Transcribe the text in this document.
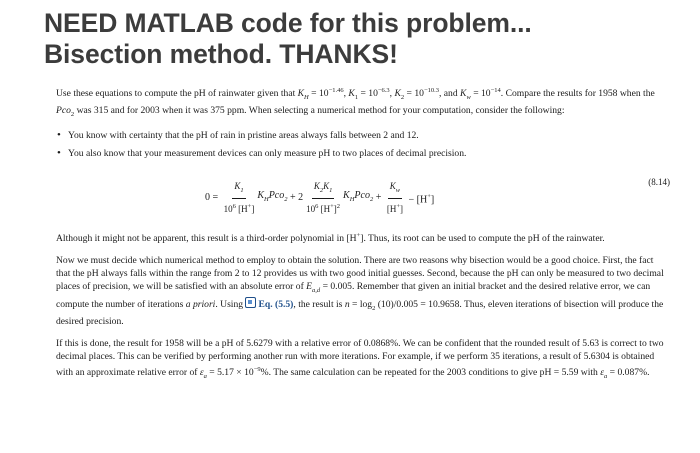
NEED MATLAB code for this problem...
Bisection method. THANKS!

Use these equations to compute the pH of rainwater given that $K_H = 10^{-1.46}$, $K_1 = 10^{-6.3}$, $K_2 = 10^{-10.3}$, and $K_w = 10^{-14}$. Compare the results for 1958 when the Pco$_2$ was 315 and for 2003 when it was 375 ppm. When selecting a numerical method for your computation, consider the following:

• You know with certainty that the pH of rain in pristine areas always falls between 2 and 12.
• You also know that your measurement devices can only measure pH to two places of decimal precision.
(8.14)
$0 = \frac{K_1}{10^6 [H^+]} K_HPco_2 + 2 \frac{K_2K_1}{10^6 [H^+]^2} K_HPco_2 + \frac{K_w}{[H^+]} - [H^+]$

Although it might not be apparent, this result is a third-order polynomial in [H+]. Thus, its root can be used to compute the pH of the rainwater.

Now we must decide which numerical method to employ to obtain the solution. There are two reasons why bisection would be a good choice. First, the fact that the pH always falls within the range from 2 to 12 provides us with two good initial guesses. Second, because the pH can only be measured to two decimal places of precision, we will be satisfied with an absolute error of $E_{a,d} = 0.005$. Remember that given an initial bracket and the desired relative error, we can compute the number of iterations a priori. Using Eq. (5.5), the result is $n = \log_2 (10)/0.005 = 10.9658$. Thus, eleven iterations of bisection will produce the desired precision.

If this is done, the result for 1958 will be a pH of 5.6279 with a relative error of 0.0868%. We can be confident that the rounded result of 5.63 is correct to two decimal places. This can be verified by performing another run with more iterations. For example, if we perform 35 iterations, a result of 5.6304 is obtained with an approximate relative error of $\varepsilon_a = 5.17 \times 10^{-9}\%$. The same calculation can be repeated for the 2003 conditions to give pH = 5.59 with $\varepsilon_a = 0.087\%$.
